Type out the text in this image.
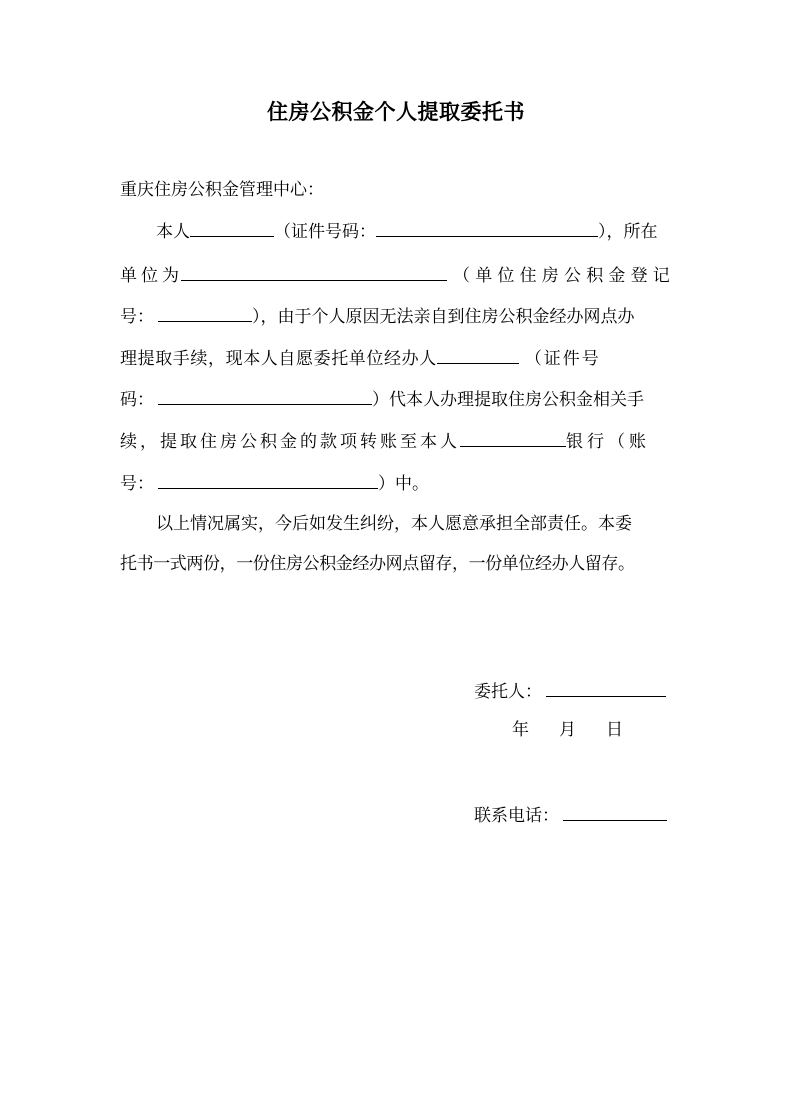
住房公积金个人提取委托书
重庆住房公积金管理中心：
本人	（证件号码：	），所在
单位为	（单位住房公积金登记
号：	），由于个人原因无法亲自到住房公积金经办网点办
理提取手续，现本人自愿委托单位经办人	（证件号
码：	）代本人办理提取住房公积金相关手
续，提取住房公积金的款项转账至本人	银行（账
号：	）中。
以上情况属实，今后如发生纠纷，本人愿意承担全部责任。本委
托书一式两份，一份住房公积金经办网点留存，一份单位经办人留存。
委托人：
年 月 日
联系电话：
